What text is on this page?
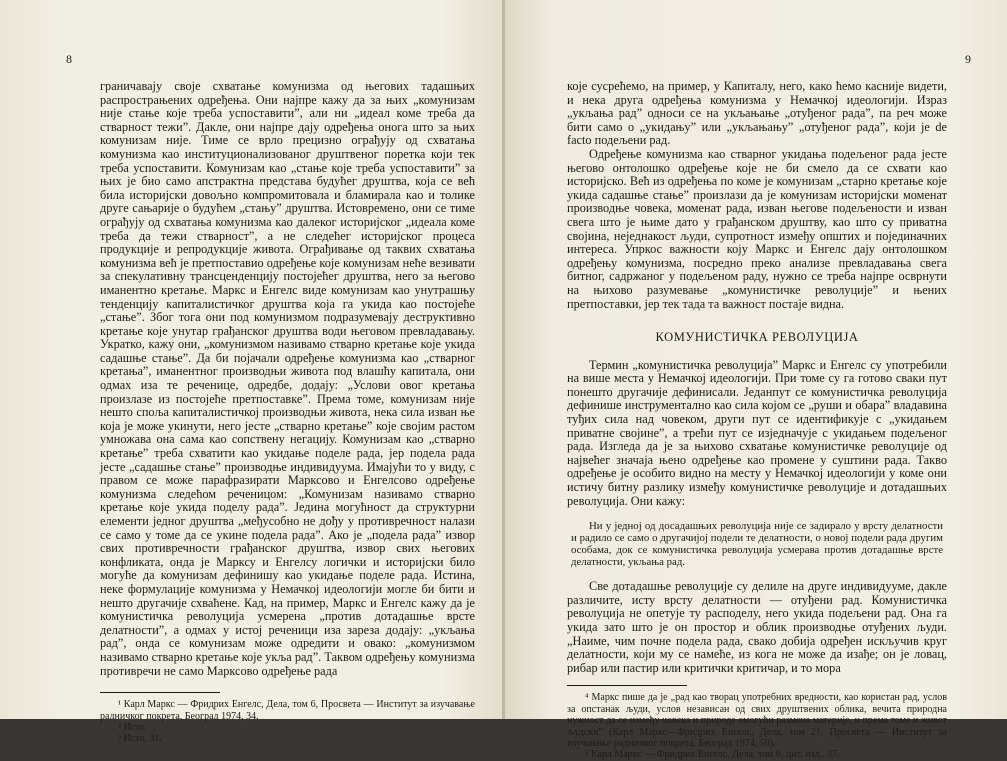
8

граничавају своје схватање комунизма од његових тадашњих распрострањених одређења. Они најпре кажу да за њих „комунизам није стање које треба успоставити”, али ни „идеал коме треба да стварност тежи”. Дакле, они најпре дају одређења онога што за њих комунизам није. Тиме се врло прецизно ограђују од схватања комунизма као институционализованог друштвеног поретка који тек треба успоставити. Комунизам као „стање које треба успоставити” за њих је био само апстрактна представа будућег друштва, која се већ била историјски довољно компромитовала и бламирала као и толике друге сањарије о будућем „стању” друштва. Истовремено, они се тиме ограђују од схватања комунизма као далеког историјског „идеала коме треба да тежи стварност”, а не следећег историјског процеса продукције и репродукције живота. Ограђивање од таквих схватања комунизма већ је претпоставио одређење које комунизам неће везивати за спекулативну трансценденцију постојећег друштва, него за његово иманентно кретање. Маркс и Енгелс виде комунизам као унутрашњу тенденцију капиталистичког друштва која га укида као постојеће „стање”. Због тога они под комунизмом подразумевају деструктивно кретање које унутар грађанског друштва води његовом превладавању. Укратко, кажу они, „комунизмом називамо стварно кретање које укида садашње стање”. Да би појачали одређење комунизма као „стварног кретања”, иманентног производњи живота под влашћу капитала, они одмах иза те реченице, одредбе, додају: „Услови овог кретања произлазе из постојеће претпоставке”. Према томе, комунизам није нешто споља капиталистичкој производњи живота, нека сила изван ње која је може укинути, него јесте „стварно кретање” које својим растом умножава она сама као сопствену негацију. Комунизам као „стварно кретање” треба схватити као укидање поделе рада, јер подела рада јесте „садашње стање” производње индивидуума. Имајући то у виду, с правом се може парафразирати Марксово и Енгелсово одређење комунизма следећом реченицом: „Комунизам називамо стварно кретање које укида поделу рада”. Једина могућност да структурни елементи једног друштва „међусобно не дођу у противречност налази се само у томе да се укине подела рада”. Ако је „подела рада” извор свих противречности грађанског друштва, извор свих његових конфликата, онда је Марксу и Енгелсу логички и историјски било могуће да комунизам дефинишу као укидање поделе рада. Истина, неке формулације комунизма у Немачкој идеологији могле би бити и нешто другачије схваћене. Кад, на пример, Маркс и Енгелс кажу да је комунистичка револуција усмерена „против дотадашње врсте делатности”, а одмах у истој реченици иза зареза додају: „укљања рад”, онда се комунизам може одредити и овако: „комунизмом називамо стварно кретање које укља рад”. Таквом одређењу комунизма противречи не само Марксово одређење рада

¹ Карл Маркс — Фридрих Енгелс, Дела, том 6, Просвета — Институт за изучавање радничког покрета, Београд 1974, 34.

² Исто.

³ Исто, 31.

9

које сусрећемо, на пример, у Капиталу, него, како ћемо касније видети, и нека друга одређења комунизма у Немачкој идеологији. Израз „укљања рад” односи се на укљањање „отуђеног рада”, па реч може бити само о „укидању” или „укљањању” „отуђеног рада”, који је de facto подељени рад.

Одређење комунизма као стварног укидања подељеног рада јесте његово онтолошко одређење које не би смело да се схвати као историјско. Већ из одређења по коме је комунизам „старно кретање које укида садашње стање” произлази да је комунизам историјски моменат производње човека, моменат рада, изван његове подељености и изван свега што је њиме дато у грађанском друштву, као што су приватна својина, неједнакост људи, супротност између општих и појединачних интереса. Упркос важности коју Маркс и Енгелс дају онтолошком одређењу комунизма, посредно преко анализе превладавања свега битног, садржаног у подељеном раду, нужно се треба најпре осврнути на њихово разумевање „комунистичке револуције” и њених претпоставки, јер тек тада та важност постаје видна.

КОМУНИСТИЧКА РЕВОЛУЦИЈА

Термин „комунистичка револуција” Маркс и Енгелс су употребили на више места у Немачкој идеологији. При томе су га готово сваки пут понешто другачије дефинисали. Једанпут се комунистичка револуција дефинише инструментално као сила којом се „руши и обара” владавина туђих сила над човеком, други пут се идентификује с „укидањем приватне својине”, а трећи пут се изједначује с укидањем подељеног рада. Изгледа да је за њихово схватање комунистичке револуције од највећег значаја њено одређење као промене у суштини рада. Такво одређење је особито видно на месту у Немачкој идеологији у коме они истичу битну разлику између комунистичке револуције и дотадашњих револуција. Они кажу:

Ни у једној од досадашњих револуција није се задирало у врсту делатности и радило се само о другачијој подели те делатности, о новој подели рада другим особама, док се комунистичка револуција усмерава против дотадашње врсте делатности, укљања рад.

Све дотадашње револуције су делиле на друге индивидууме, дакле различите, исту врсту делатности — отуђени рад. Комунистичка револуција не опетује ту расподелу, него укида подељени рад. Она га укида зато што је он простор и облик производње отуђених људи. „Наиме, чим почне подела рада, свако добија одређен искључив круг делатности, који му се намеће, из кога не може да изађе; он је ловац, рибар или пастир или критички критичар, и то мора

⁴ Маркс пише да је „рад као творац употребних вредности, као користан рад, услов за опстанак људи, услов независан од свих друштвених облика, вечита природна нужност да се између човека и природе омогући размена материје, и према томе и живот људски” (Карл Маркс—Фридрих Енгелс, Дела, том 21, Просвета — Институт за изучавање радничког покрета, Београд 1974, 50).

⁵ Карл Маркс — Фридрих Енгелс, Дела, том 6, цит. изд., 37.
